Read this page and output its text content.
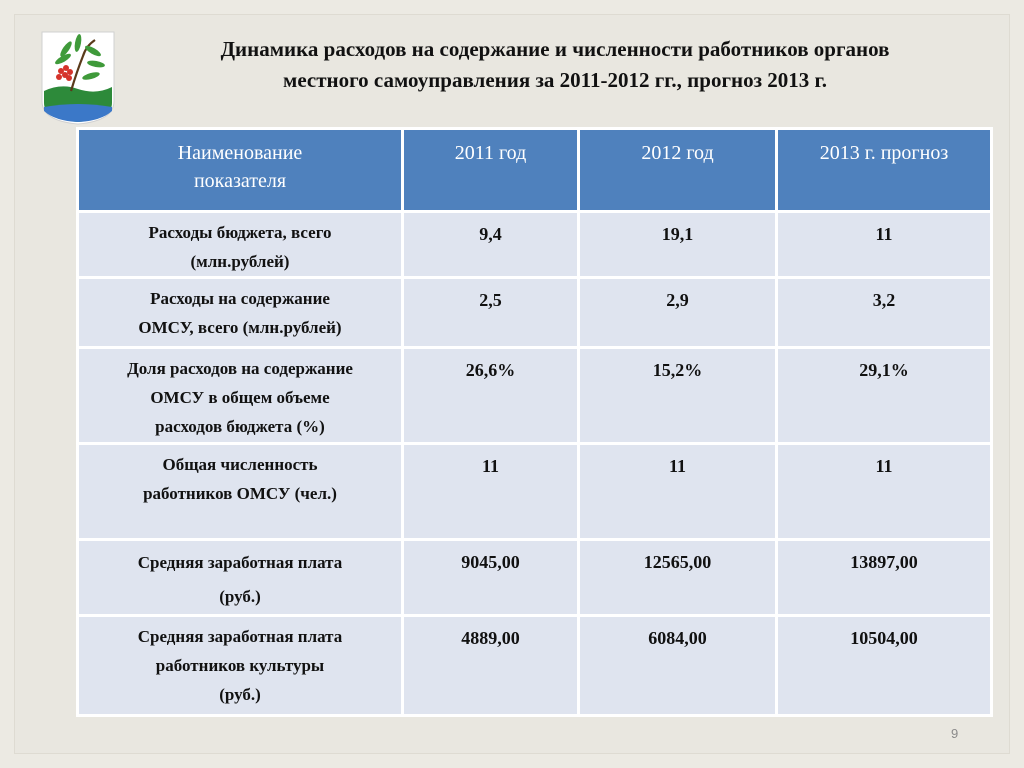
Динамика расходов на содержание и численности работников органов
местного самоуправления за 2011-2012 гг., прогноз 2013 г.
Наименование
показателя	2011 год	2012 год	2013 г. прогноз

Расходы бюджета, всего
(млн.рублей)	9,4	19,1	11

Расходы на содержание
ОМСУ, всего (млн.рублей)	2,5	2,9	3,2

Доля расходов на содержание
ОМСУ в общем объеме
расходов бюджета (%)	26,6%	15,2%	29,1%

Общая численность
работников ОМСУ (чел.)	11	11	11

Средняя заработная плата
(руб.)	9045,00	12565,00	13897,00

Средняя заработная плата
работников культуры
(руб.)	4889,00	6084,00	10504,00
9
